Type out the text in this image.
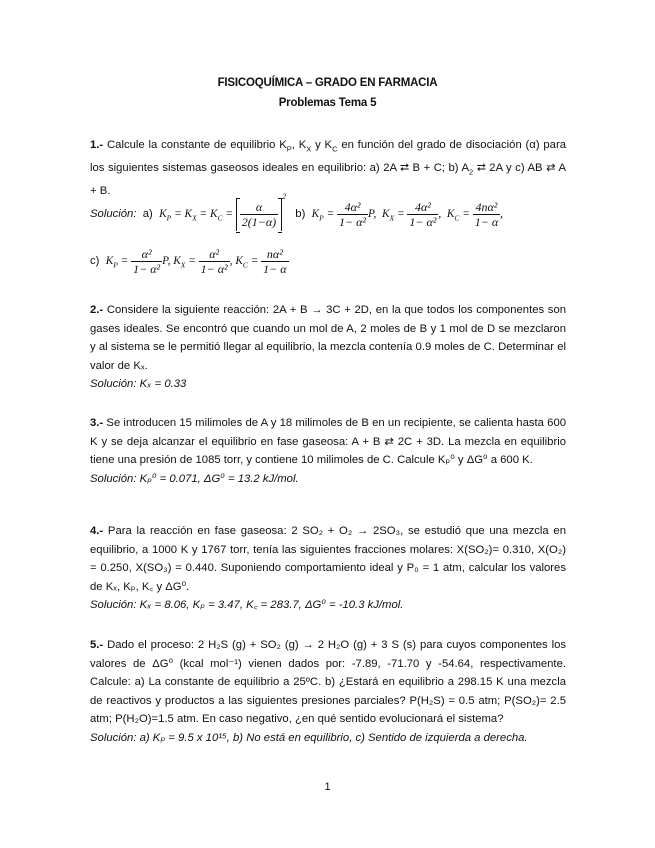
FISICOQUÍMICA – GRADO EN FARMACIA
Problemas Tema 5
1.- Calcule la constante de equilibrio $K_P$, $K_X$ y $K_C$ en función del grado de disociación (α) para los siguientes sistemas gaseosos ideales en equilibrio: a) 2A ⮂ B + C; b) $A_2$ ⮂ 2A y c) AB ⇄ A + B.
Solución: a) $K_P = K_X = K_C = \frac{\alpha}{2(1-\alpha)}$
$^2$   b) $K_P = \frac{\text{4α²}}{\text{1− α²}} P$, $K_X = \frac{\text{4α²}}{\text{1− α²}}$ , $K_C = \frac{\text{4nα²}}{1- \alpha}$ ,
c) $K_P = \frac{\text{α²}}{\text{1− α²}} P$, $K_X = \frac{\text{α²}}{\text{1− α²}}$ , $K_C = \frac{\text{nα²}}{1- \alpha}$
2.- Considere la siguiente reacción: 2A + B → 3C + 2D, en la que todos los componentes son gases ideales. Se encontró que cuando un mol de A, 2 moles de B y 1 mol de D se mezclaron y al sistema se le permitió llegar al equilibrio, la mezcla contenía 0.9 moles de C. Determinar el valor de Kₓ.
Solución: Kₓ = 0.33
3.- Se introducen 15 milimoles de A y 18 milimoles de B en un recipiente, se calienta hasta 600 K y se deja alcanzar el equilibrio en fase gaseosa: A + B ⇄ 2C + 3D. La mezcla en equilibrio tiene una presión de 1085 torr, y contiene 10 milimoles de C. Calcule Kₚ⁰ y ΔG⁰ a 600 K.
Solución: Kₚ⁰ = 0.071, ΔG⁰ = 13.2 kJ/mol.
4.- Para la reacción en fase gaseosa: 2 SO₂ + O₂ → 2SO₃, se estudió que una mezcla en equilibrio, a 1000 K y 1767 torr, tenía las siguientes fracciones molares: X(SO₂)= 0.310, X(O₂) = 0.250, X(SO₃) = 0.440. Suponiendo comportamiento ideal y P₀ = 1 atm, calcular los valores de Kₓ, Kₚ, K꜀ y ΔG⁰.
Solución: Kₓ = 8.06, Kₚ = 3.47, K꜀ = 283.7, ΔG⁰ = -10.3 kJ/mol.
5.- Dado el proceso: 2 H₂S (g) + SO₂ (g) → 2 H₂O (g) + 3 S (s) para cuyos componentes los valores de ΔG⁰ (kcal mol⁻¹) vienen dados por: -7.89, -71.70 y -54.64, respectivamente. Calcule: a) La constante de equilibrio a 25ºC. b) ¿Estará en equilibrio a 298.15 K una mezcla de reactivos y productos a las siguientes presiones parciales? P(H₂S) = 0.5 atm; P(SO₂)= 2.5 atm; P(H₂O)=1.5 atm. En caso negativo, ¿en qué sentido evolucionará el sistema?
Solución: a) Kₚ = 9.5 x 10¹⁵, b) No está en equilibrio, c) Sentido de izquierda a derecha.
1
